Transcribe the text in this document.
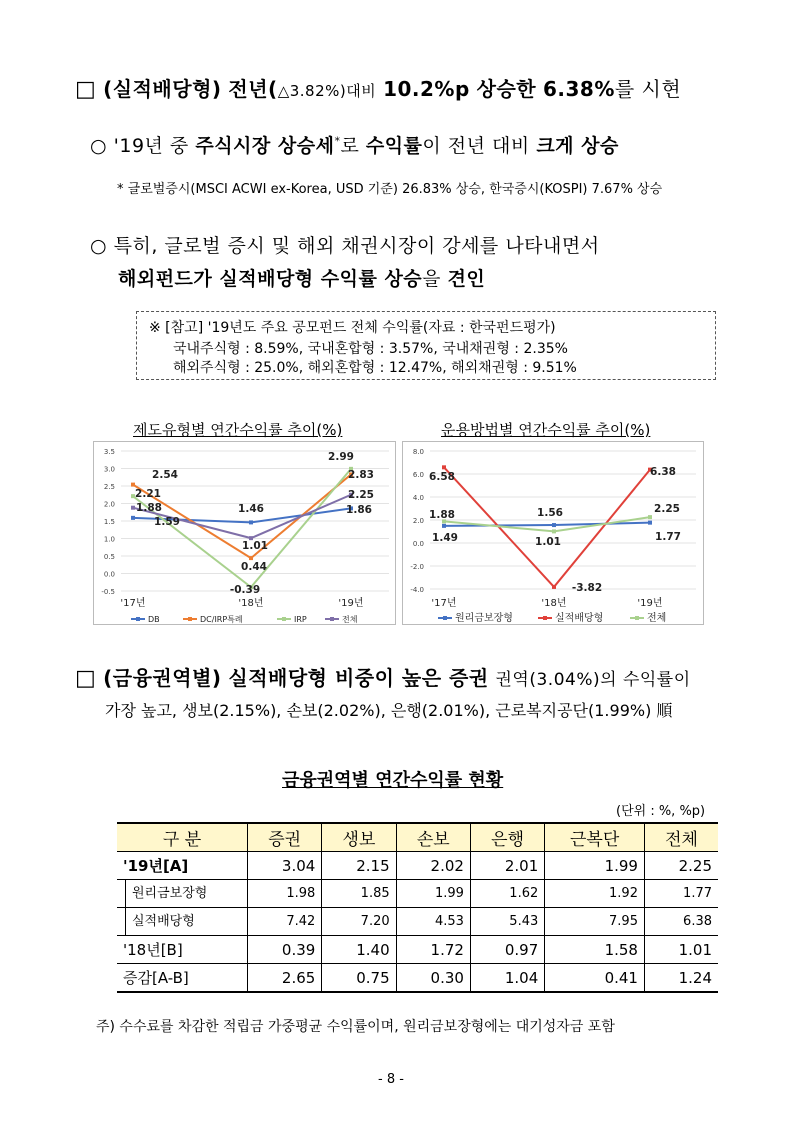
□ (실적배당형) 전년(△3.82%)대비 10.2%p 상승한 6.38%를 시현
○ '19년 중 주식시장 상승세*로 수익률이 전년 대비 크게 상승
* 글로벌증시(MSCI ACWI ex-Korea, USD 기준) 26.83% 상승, 한국증시(KOSPI) 7.67% 상승
○ 특히, 글로벌 증시 및 해외 채권시장이 강세를 나타내면서
해외펀드가 실적배당형 수익률 상승을 견인
※ [참고] '19년도 주요 공모펀드 전체 수익률(자료 : 한국펀드평가)
국내주식형 : 8.59%, 국내혼합형 : 3.57%, 국내채권형 : 2.35%
해외주식형 : 25.0%, 해외혼합형 : 12.47%, 해외채권형 : 9.51%
제도유형별 연간수익률 추이(%)	운용방법별 연간수익률 추이(%)
3.5
3.0
2.5
2.0
1.5
1.0
0.5
0.0
-0.5
'17년	'18년	'19년
2.54
2.21
1.88
1.59
1.46
1.01
0.44
-0.39
2.99
2.83
2.25
1.86
DB	DC/IRP특례	IRP	전체
8.0
6.0
4.0
2.0
0.0
-2.0
-4.0
'17년	'18년	'19년
6.58
1.88
1.49
1.56
1.01
-3.82
6.38
2.25
1.77
원리금보장형	실적배당형	전체
□ (금융권역별) 실적배당형 비중이 높은 증권 권역(3.04%)의 수익률이
가장 높고, 생보(2.15%), 손보(2.02%), 은행(2.01%), 근로복지공단(1.99%) 順
금융권역별 연간수익률 현황
(단위 : %, %p)
구 분	증권	생보	손보	은행	근복단	전체
'19년[A]	3.04	2.15	2.02	2.01	1.99	2.25
원리금보장형	1.98	1.85	1.99	1.62	1.92	1.77
실적배당형	7.42	7.20	4.53	5.43	7.95	6.38
'18년[B]	0.39	1.40	1.72	0.97	1.58	1.01
증감[A-B]	2.65	0.75	0.30	1.04	0.41	1.24
주) 수수료를 차감한 적립금 가중평균 수익률이며, 원리금보장형에는 대기성자금 포함
- 8 -
